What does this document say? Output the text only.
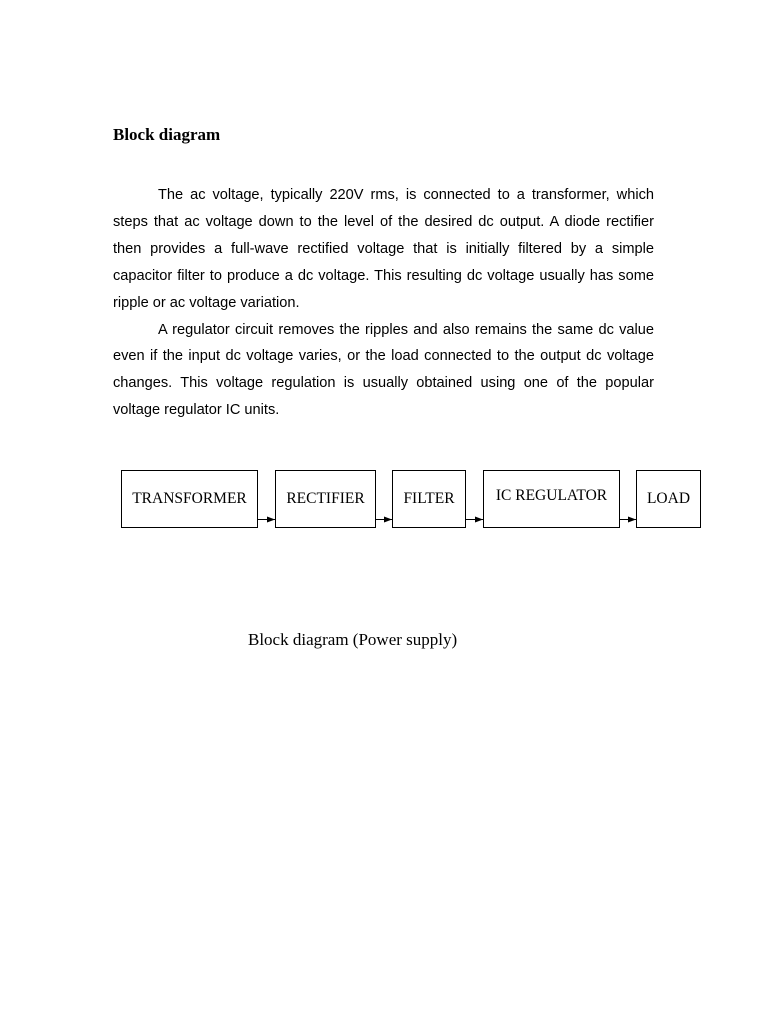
Block diagram

The ac voltage, typically 220V rms, is connected to a transformer, which steps that ac voltage down to the level of the desired dc output. A diode rectifier then provides a full-wave rectified voltage that is initially filtered by a simple capacitor filter to produce a dc voltage. This resulting dc voltage usually has some ripple or ac voltage variation.

A regulator circuit removes the ripples and also remains the same dc value even if the input dc voltage varies, or the load connected to the output dc voltage changes. This voltage regulation is usually obtained using one of the popular voltage regulator IC units.

TRANSFORMER	RECTIFIER	FILTER	IC REGULATOR	LOAD

Block diagram (Power supply)
